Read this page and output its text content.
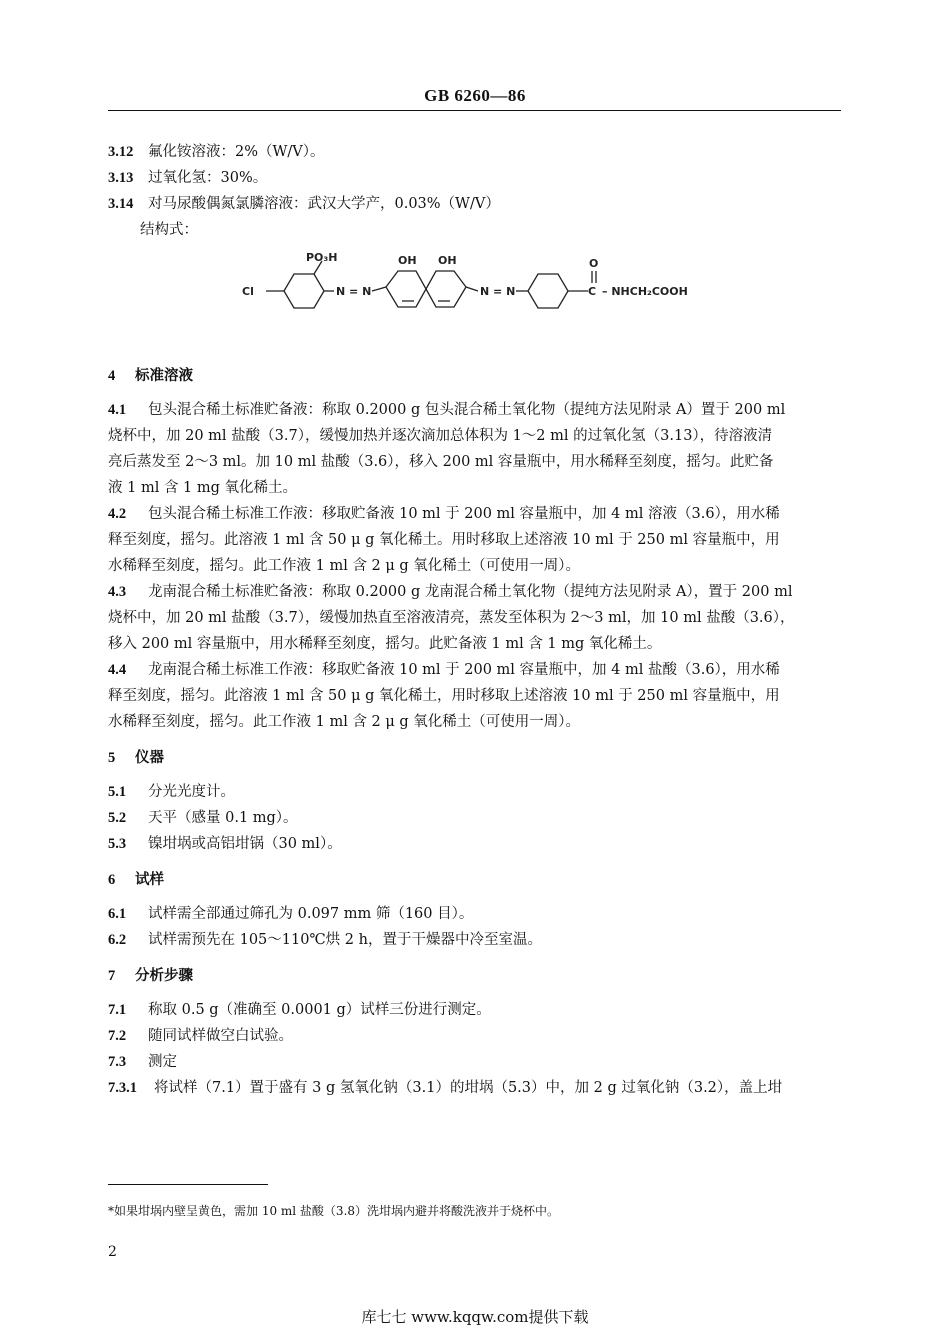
GB 6260—86
3.12 氟化铵溶液：2%（W/V）。
3.13 过氧化氢：30%。
3.14 对马尿酸偶氮氯膦溶液：武汉大学产，0.03%（W/V）
结构式：
Cl
PO₃H	OH OH
N = N	N = N
O
C – NHCH₂COOH
4 标准溶液
4.1 包头混合稀土标准贮备液：称取 0.2000 g 包头混合稀土氧化物（提纯方法见附录 A）置于 200 ml
烧杯中，加 20 ml 盐酸（3.7），缓慢加热并逐次滴加总体积为 1～2 ml 的过氧化氢（3.13），待溶液清
亮后蒸发至 2～3 ml。加 10 ml 盐酸（3.6），移入 200 ml 容量瓶中，用水稀释至刻度，摇匀。此贮备
液 1 ml 含 1 mg 氧化稀土。
4.2 包头混合稀土标准工作液：移取贮备液 10 ml 于 200 ml 容量瓶中，加 4 ml 溶液（3.6），用水稀
释至刻度，摇匀。此溶液 1 ml 含 50 μ g 氧化稀土。用时移取上述溶液 10 ml 于 250 ml 容量瓶中，用
水稀释至刻度，摇匀。此工作液 1 ml 含 2 μ g 氧化稀土（可使用一周）。
4.3 龙南混合稀土标准贮备液：称取 0.2000 g 龙南混合稀土氧化物（提纯方法见附录 A），置于 200 ml
烧杯中，加 20 ml 盐酸（3.7），缓慢加热直至溶液清亮，蒸发至体积为 2～3 ml，加 10 ml 盐酸（3.6），
移入 200 ml 容量瓶中，用水稀释至刻度，摇匀。此贮备液 1 ml 含 1 mg 氧化稀土。
4.4 龙南混合稀土标准工作液：移取贮备液 10 ml 于 200 ml 容量瓶中，加 4 ml 盐酸（3.6），用水稀
释至刻度，摇匀。此溶液 1 ml 含 50 μ g 氧化稀土，用时移取上述溶液 10 ml 于 250 ml 容量瓶中，用
水稀释至刻度，摇匀。此工作液 1 ml 含 2 μ g 氧化稀土（可使用一周）。
5 仪器
5.1 分光光度计。
5.2 天平（感量 0.1 mg）。
5.3 镍坩埚或高铝坩锅（30 ml）。
6 试样
6.1 试样需全部通过筛孔为 0.097 mm 筛（160 目）。
6.2 试样需预先在 105～110℃烘 2 h，置于干燥器中冷至室温。
7 分析步骤
7.1 称取 0.5 g（准确至 0.0001 g）试样三份进行测定。
7.2 随同试样做空白试验。
7.3 测定
7.3.1 将试样（7.1）置于盛有 3 g 氢氧化钠（3.1）的坩埚（5.3）中，加 2 g 过氧化钠（3.2），盖上坩
*如果坩埚内壁呈黄色，需加 10 ml 盐酸（3.8）洗坩埚内避并将酸洗液并于烧杯中。
2
库七七 www.kqqw.com提供下载
